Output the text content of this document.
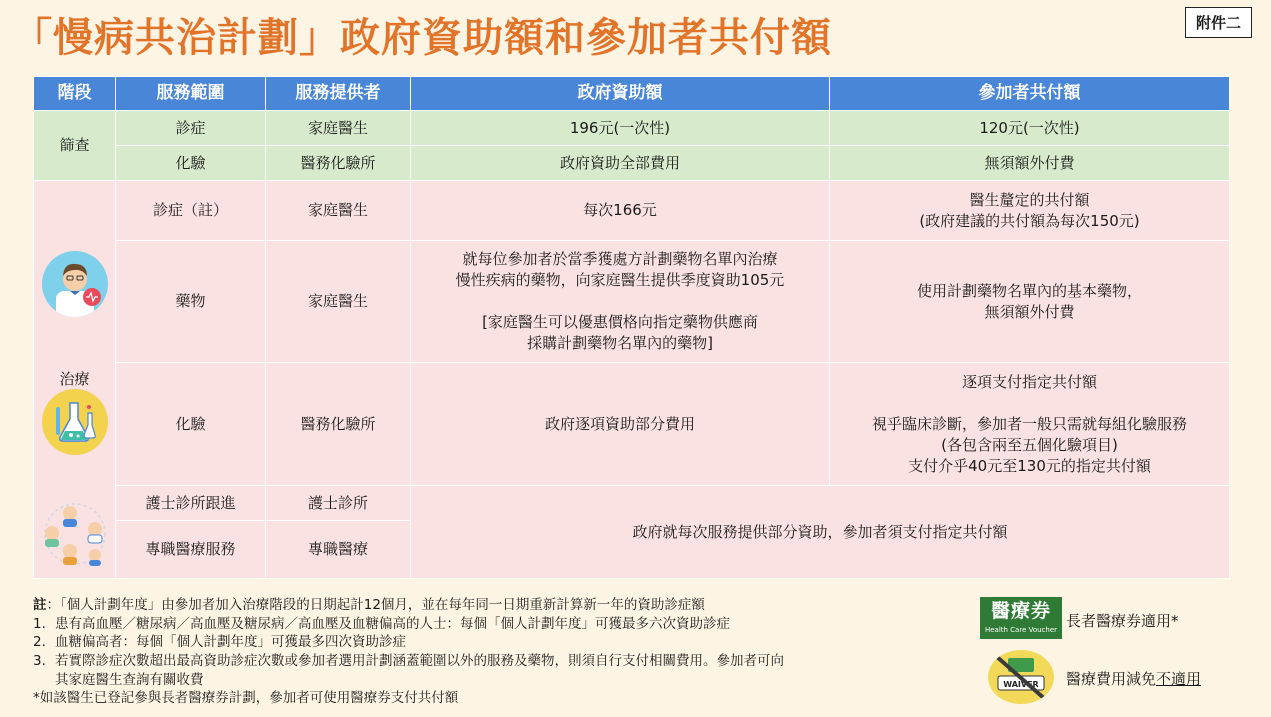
「慢病共治計劃」政府資助額和參加者共付額	附件二
階段	服務範圍	服務提供者	政府資助額	參加者共付額
篩查	診症	家庭醫生	196元(一次性)	120元(一次性)
	化驗	醫務化驗所	政府資助全部費用	無須額外付費

治療	診症（註）	家庭醫生	每次166元	醫生釐定的共付額
(政府建議的共付額為每次150元)
	藥物	家庭醫生	就每位參加者於當季獲處方計劃藥物名單內治療
慢性疾病的藥物，向家庭醫生提供季度資助105元

[家庭醫生可以優惠價格向指定藥物供應商
採購計劃藥物名單內的藥物]	使用計劃藥物名單內的基本藥物，
無須額外付費
	化驗	醫務化驗所	政府逐項資助部分費用	逐項支付指定共付額

視乎臨床診斷，參加者一般只需就每組化驗服務
(各包含兩至五個化驗項目)
支付介乎40元至130元的指定共付額
	護士診所跟進	護士診所	政府就每次服務提供部分資助，參加者須支付指定共付額	
	專職醫療服務	專職醫療		
註：「個人計劃年度」由參加者加入治療階段的日期起計12個月，並在每年同一日期重新計算新一年的資助診症額
1. 患有高血壓／糖尿病／高血壓及糖尿病／高血壓及血糖偏高的人士：每個「個人計劃年度」可獲最多六次資助診症
2. 血糖偏高者：每個「個人計劃年度」可獲最多四次資助診症
3. 若實際診症次數超出最高資助診症次數或參加者選用計劃涵蓋範圍以外的服務及藥物，則須自行支付相關費用。參加者可向
其家庭醫生查詢有關收費
*如該醫生已登記參與長者醫療券計劃，參加者可使用醫療券支付共付額
醫療券
Health Care Voucher 長者醫療券適用*
WAIVER 醫療費用減免不適用
